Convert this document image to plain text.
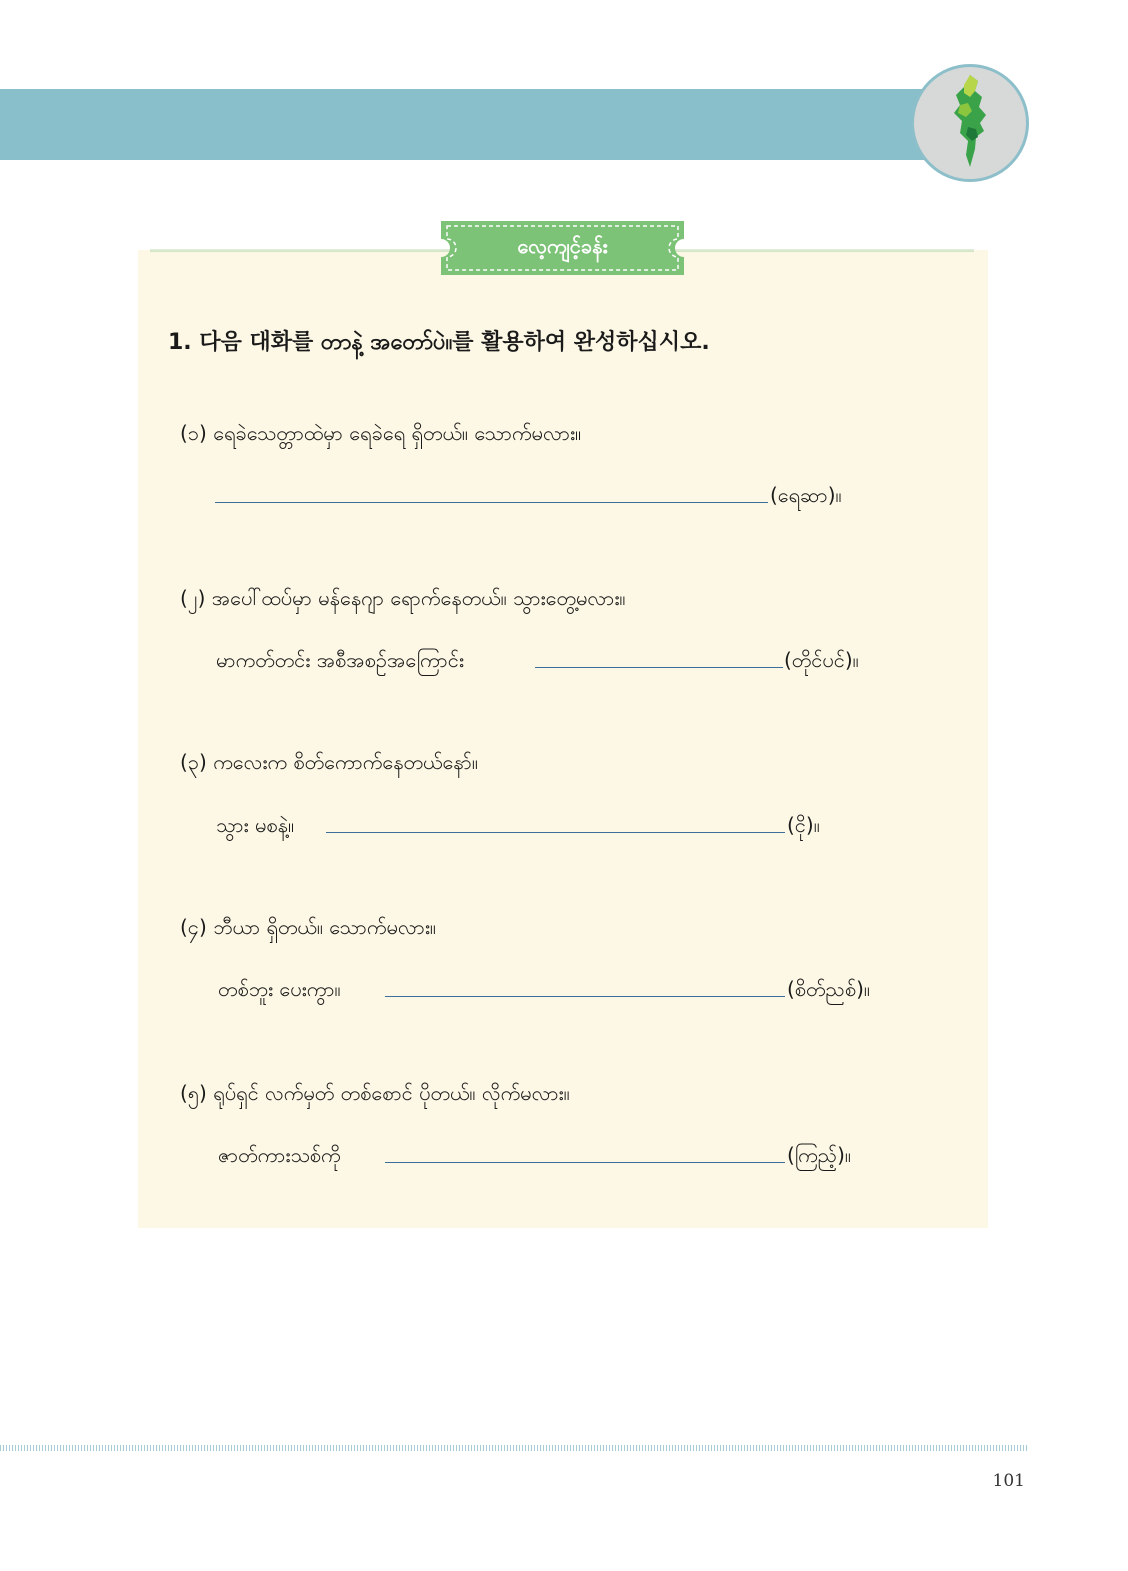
လေ့ကျင့်ခန်း
1. 다음 대화를 တာနဲ့ အတော်ပဲ။를 활용하여 완성하십시오.
(၁) ရေခဲသေတ္တာထဲမှာ ရေခဲရေ ရှိတယ်။ သောက်မလား။
(ရေဆာ)။
(၂) အပေါ်ထပ်မှာ မန်နေဂျာ ရောက်နေတယ်။ သွားတွေ့မလား။
မာကတ်တင်း အစီအစဉ်အကြောင်း	(တိုင်ပင်)။
(၃) ကလေးက စိတ်ကောက်နေတယ်နော်။
သွား မစနဲ့။	(ငို)။
(၄) ဘီယာ ရှိတယ်။ သောက်မလား။
တစ်ဘူး ပေးကွာ။	(စိတ်ညစ်)။
(၅) ရုပ်ရှင် လက်မှတ် တစ်စောင် ပိုတယ်။ လိုက်မလား။
ဇာတ်ကားသစ်ကို	(ကြည့်)။
101
